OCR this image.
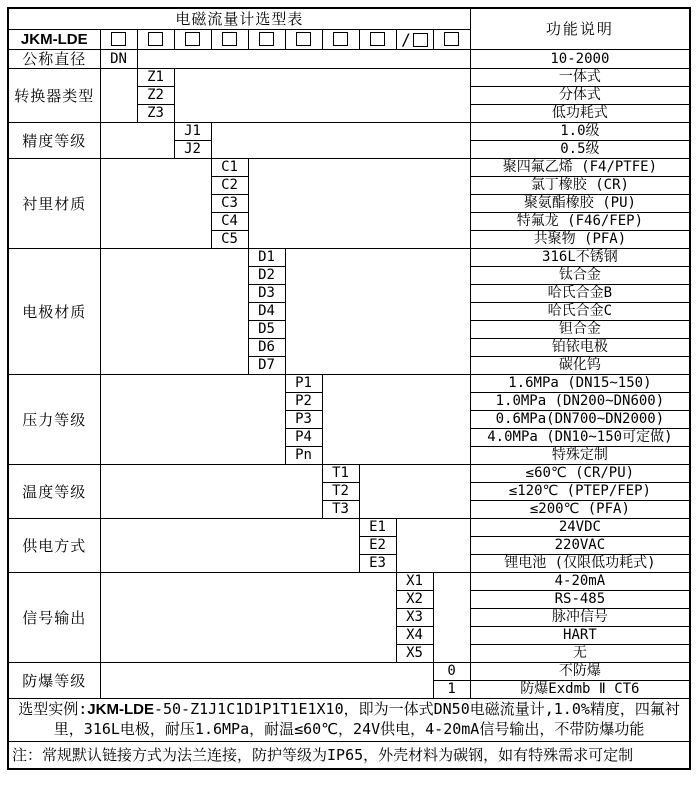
电磁流量计选型表											功能说明
JKM-LDE									/		
公称直径	DN										10-2000
转换器类型		Z1									一体式
		Z2									分体式
		Z3									低功耗式
精度等级			J1								1.0级
			J2								0.5级
衬里材质				C1							聚四氟乙烯 (F4/PTFE)
				C2							氯丁橡胶 (CR)
				C3							聚氨酯橡胶 (PU)
				C4							特氟龙 (F46/FEP)
				C5							共聚物 (PFA)
电极材质					D1						316L不锈钢
					D2						钛合金
					D3						哈氏合金B
					D4						哈氏合金C
					D5						钽合金
					D6						铂铱电极
					D7						碳化钨
压力等级						P1					1.6MPa (DN15~150)
						P2					1.0MPa (DN200~DN600)
						P3					0.6MPa(DN700~DN2000)
						P4					4.0MPa (DN10~150可定做)
						Pn					特殊定制
温度等级							T1				≤60℃ (CR/PU)
							T2				≤120℃ (PTEP/FEP)
							T3				≤200℃ (PFA)
供电方式								E1			24VDC
								E2			220VAC
								E3			锂电池 (仅限低功耗式)
信号输出									X1		4-20mA
									X2		RS-485
									X3		脉冲信号
									X4		HART
									X5		无
防爆等级										0	不防爆
										1	防爆Exdmb Ⅱ CT6
选型实例:JKM-LDE-50-Z1J1C1D1P1T1E1X10，即为一体式DN50电磁流量计,1.0%精度，四氟衬里，316L电极，耐压1.6MPa，耐温≤60℃，24V供电，4-20mA信号输出，不带防爆功能											
注：常规默认链接方式为法兰连接，防护等级为IP65，外壳材料为碳钢，如有特殊需求可定制											
